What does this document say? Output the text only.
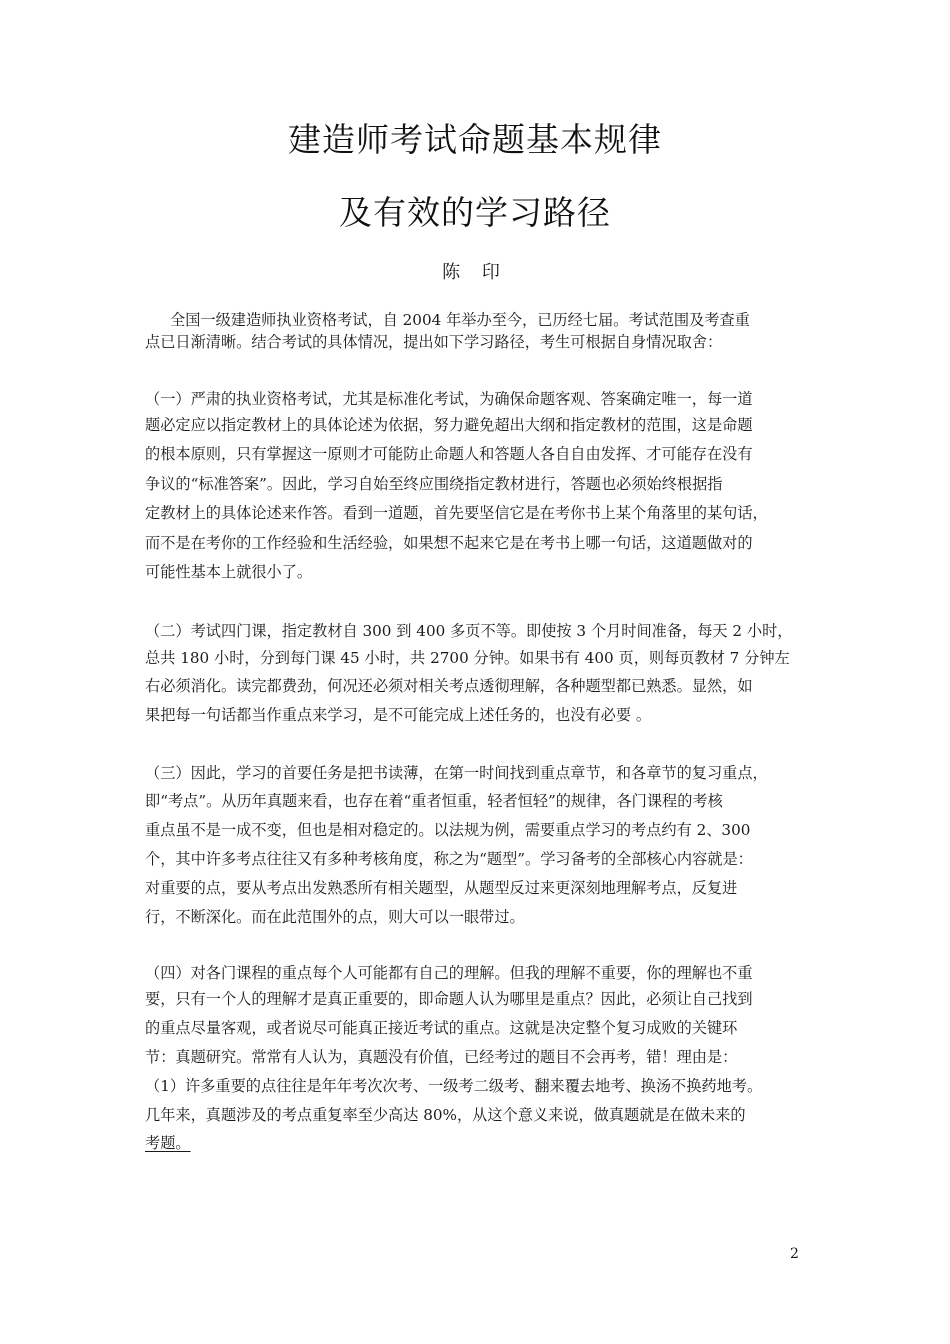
建造师考试命题基本规律
及有效的学习路径
陈 印
全国一级建造师执业资格考试，自 2004 年举办至今，已历经七届。考试范围及考查重
点已日渐清晰。结合考试的具体情况，提出如下学习路径，考生可根据自身情况取舍：
（一）严肃的执业资格考试，尤其是标准化考试，为确保命题客观、答案确定唯一，每一道
题必定应以指定教材上的具体论述为依据，努力避免超出大纲和指定教材的范围，这是命题
的根本原则，只有掌握这一原则才可能防止命题人和答题人各自自由发挥、才可能存在没有
争议的“标准答案”。因此，学习自始至终应围绕指定教材进行，答题也必须始终根据指
定教材上的具体论述来作答。看到一道题，首先要坚信它是在考你书上某个角落里的某句话，
而不是在考你的工作经验和生活经验，如果想不起来它是在考书上哪一句话，这道题做对的
可能性基本上就很小了。
（二）考试四门课，指定教材自 300 到 400 多页不等。即使按 3 个月时间准备，每天 2 小时，
总共 180 小时，分到每门课 45 小时，共 2700 分钟。如果书有 400 页，则每页教材 7 分钟左
右必须消化。读完都费劲，何况还必须对相关考点透彻理解，各种题型都已熟悉。显然，如
果把每一句话都当作重点来学习，是不可能完成上述任务的，也没有必要 。
（三）因此，学习的首要任务是把书读薄，在第一时间找到重点章节，和各章节的复习重点，
即“考点”。从历年真题来看，也存在着“重者恒重，轻者恒轻”的规律，各门课程的考核
重点虽不是一成不变，但也是相对稳定的。以法规为例，需要重点学习的考点约有 2、300
个，其中许多考点往往又有多种考核角度，称之为“题型”。学习备考的全部核心内容就是：
对重要的点，要从考点出发熟悉所有相关题型，从题型反过来更深刻地理解考点，反复进
行，不断深化。而在此范围外的点，则大可以一眼带过。
（四）对各门课程的重点每个人可能都有自己的理解。但我的理解不重要，你的理解也不重
要，只有一个人的理解才是真正重要的，即命题人认为哪里是重点？因此，必须让自己找到
的重点尽量客观，或者说尽可能真正接近考试的重点。这就是决定整个复习成败的关键环
节：真题研究。常常有人认为，真题没有价值，已经考过的题目不会再考，错！理由是：
（1）许多重要的点往往是年年考次次考、一级考二级考、翻来覆去地考、换汤不换药地考。
几年来，真题涉及的考点重复率至少高达 80%，从这个意义来说，做真题就是在做未来的
考题。
2
